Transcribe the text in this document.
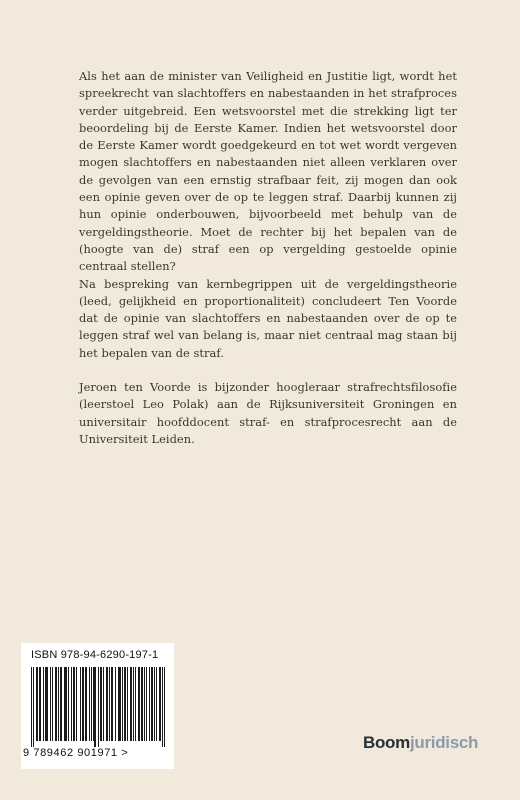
Als het aan de minister van Veiligheid en Justitie ligt, wordt het spreekrecht van slachtoffers en nabestaanden in het strafproces verder uitgebreid. Een wetsvoorstel met die strekking ligt ter beoordeling bij de Eerste Kamer. Indien het wetsvoorstel door de Eerste Kamer wordt goedgekeurd en tot wet wordt vergeven mogen slachtoffers en nabestaanden niet alleen verklaren over de gevolgen van een ernstig strafbaar feit, zij mogen dan ook een opinie geven over de op te leggen straf. Daarbij kunnen zij hun opinie onderbouwen, bijvoorbeeld met behulp van de vergeldingstheorie. Moet de rechter bij het bepalen van de (hoogte van de) straf een op vergelding gestoelde opinie centraal stellen?

Na bespreking van kernbegrippen uit de vergeldingstheorie (leed, gelijkheid en proportionaliteit) concludeert Ten Voorde dat de opinie van slachtoffers en nabestaanden over de op te leggen straf wel van belang is, maar niet centraal mag staan bij het bepalen van de straf.

Jeroen ten Voorde is bijzonder hoogleraar strafrechtsfilosofie (leerstoel Leo Polak) aan de Rijksuniversiteit Groningen en universitair hoofddocent straf- en strafprocesrecht aan de Universiteit Leiden.

ISBN 978-94-6290-197-1
9 789462 901971 >
Boomjuridisch
